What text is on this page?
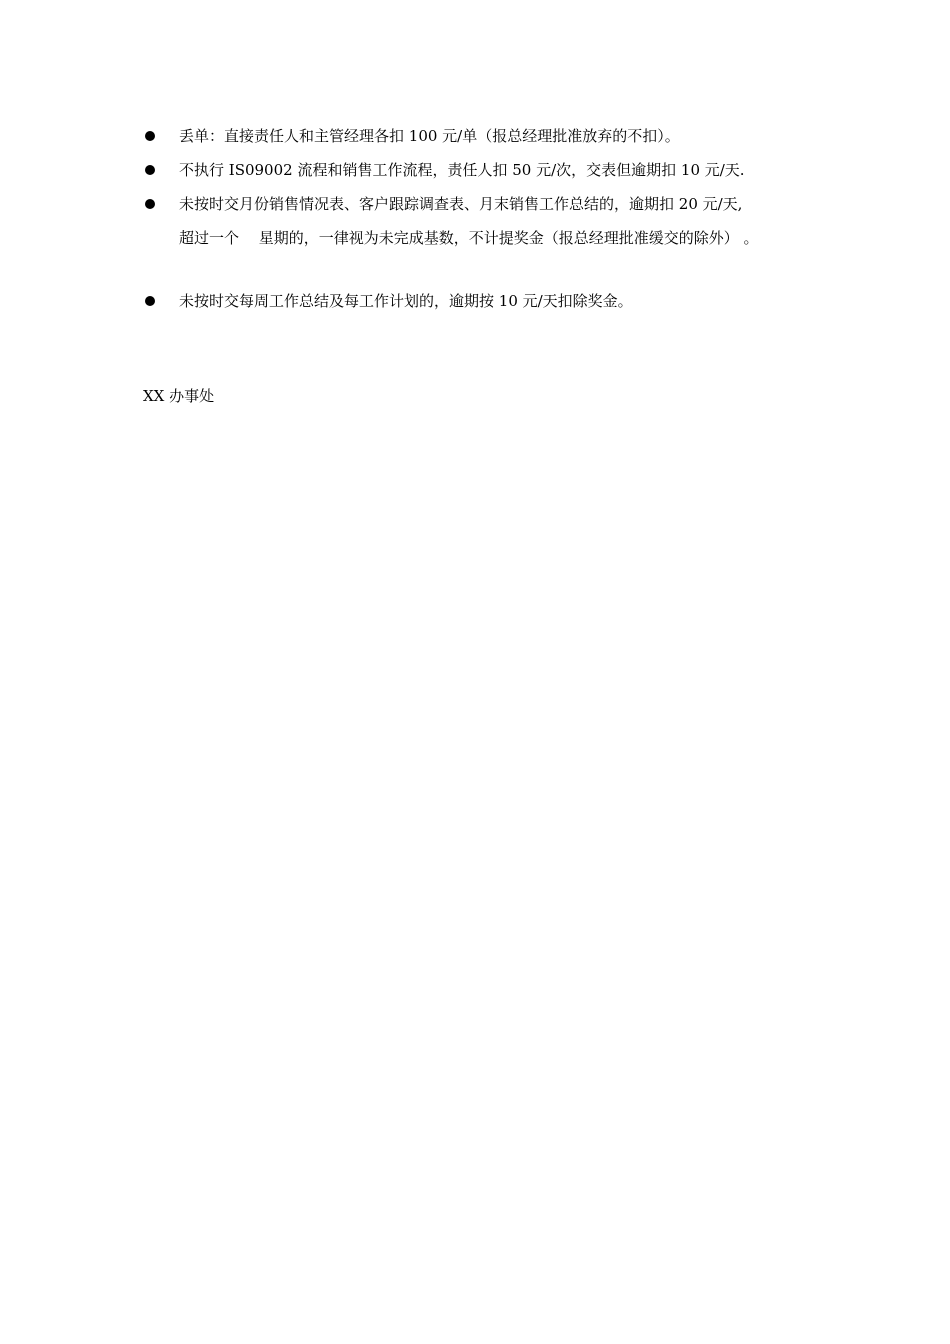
丢单：直接责任人和主管经理各扣 100 元/单（报总经理批准放弃的不扣）。
不执行 IS09002 流程和销售工作流程，责任人扣 50 元/次，交表但逾期扣 10 元/天.
未按时交月份销售情况表、客户跟踪调查表、月末销售工作总结的，逾期扣 20 元/天,
超过一个　 星期的，一律视为未完成基数，不计提奖金（报总经理批准缓交的除外） 。
未按时交每周工作总结及每工作计划的，逾期按 10 元/天扣除奖金。

XX 办事处
